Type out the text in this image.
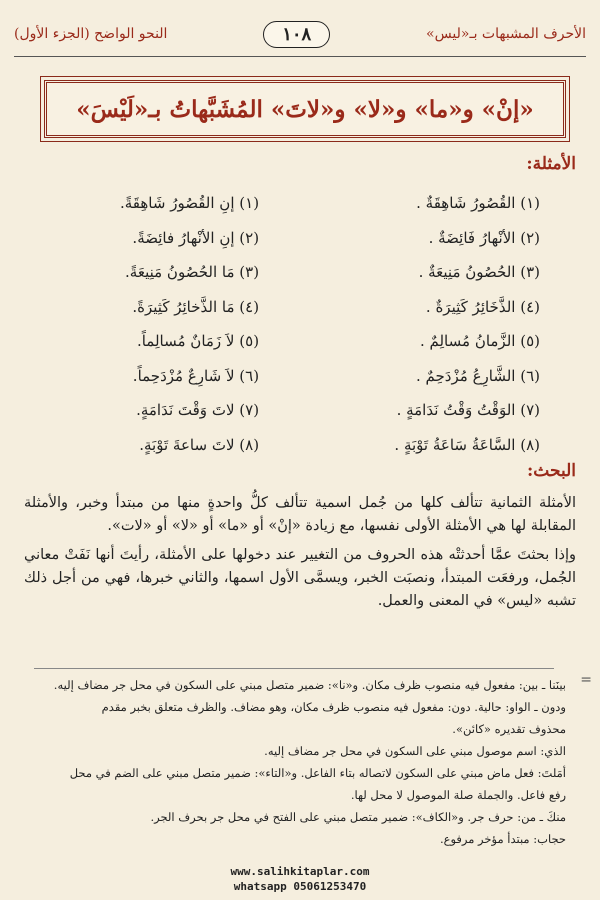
الأحرف المشبهات بـ«ليس»
١٠٨
النحو الواضح (الجزء الأول)
«إنْ» و«ما» و«لا» و«لاتَ» المُشَبَّهاتُ بـ«لَيْسَ»
الأمثلة:
(١) القُصُورُ شَاهِقَةٌ .
(٢) الأنْهارُ فَائِضَةٌ .
(٣) الحُصُونُ مَنِيعَةٌ .
(٤) الذَّخَائِرُ كَثِيرَةٌ .
(٥) الزَّمانُ مُسالِمٌ .
(٦) الشَّارِعُ مُزْدَحِمٌ .
(٧) الوَقْتُ وَقْتُ نَدَامَةٍ .
(٨) السَّاعَةُ سَاعَةُ تَوْبَةٍ .
(١) إنِ القُصُورُ شَاهِقَةً.
(٢) إنِ الأنْهارُ فائِضَةً.
(٣) مَا الحُصُونُ مَنِيعَةً.
(٤) مَا الذَّخائِرُ كَثِيرَةً.
(٥) لاَ زَمَانٌ مُسالِماً.
(٦) لاَ شَارِعٌ مُزْدَحِماً.
(٧) لاتَ وَقْتَ نَدَامَةٍ.
(٨) لاتَ ساعةَ تَوْبَةٍ.
البحث:

الأمثلة الثمانية تتألف كلها من جُمل اسمية تتألف كلُّ واحدةٍ منها من مبتدأ وخبر، والأمثلة المقابلة لها هي الأمثلة الأولى نفسها، مع زيادة «إنْ» أو «ما» أو «لا» أو «لات».

وإذا بحثتَ عمَّا أحدثتْه هذه الحروف من التغيير عند دخولها على الأمثلة، رأيتَ أنها نَفَتْ معاني الجُمل، ورفعَت المبتدأ، ونصبَت الخبر، ويسمَّى الأول اسمها، والثاني خبرها، فهي من أجل ذلك تشبه «ليس» في المعنى والعمل.

=
بينَنا ـ بين: مفعول فيه منصوب ظرف مكان. و«نا»: ضمير متصل مبني على السكون في محل جر مضاف إليه.
ودون ـ الواو: حالية. دون: مفعول فيه منصوب ظرف مكان، وهو مضاف. والظرف متعلق بخبر مقدم
محذوف تقديره «كائن».
الذي: اسم موصول مبني على السكون في محل جر مضاف إليه.
أمَلتَ: فعل ماض مبني على السكون لاتصاله بتاء الفاعل. و«التاء»: ضمير متصل مبني على الضم في محل
رفع فاعل. والجملة صلة الموصول لا محل لها.
منكَ ـ من: حرف جر. و«الكاف»: ضمير متصل مبني على الفتح في محل جر بحرف الجر.
حجاب: مبتدأ مؤخر مرفوع.
www.salihkitaplar.com
whatsapp 05061253470
